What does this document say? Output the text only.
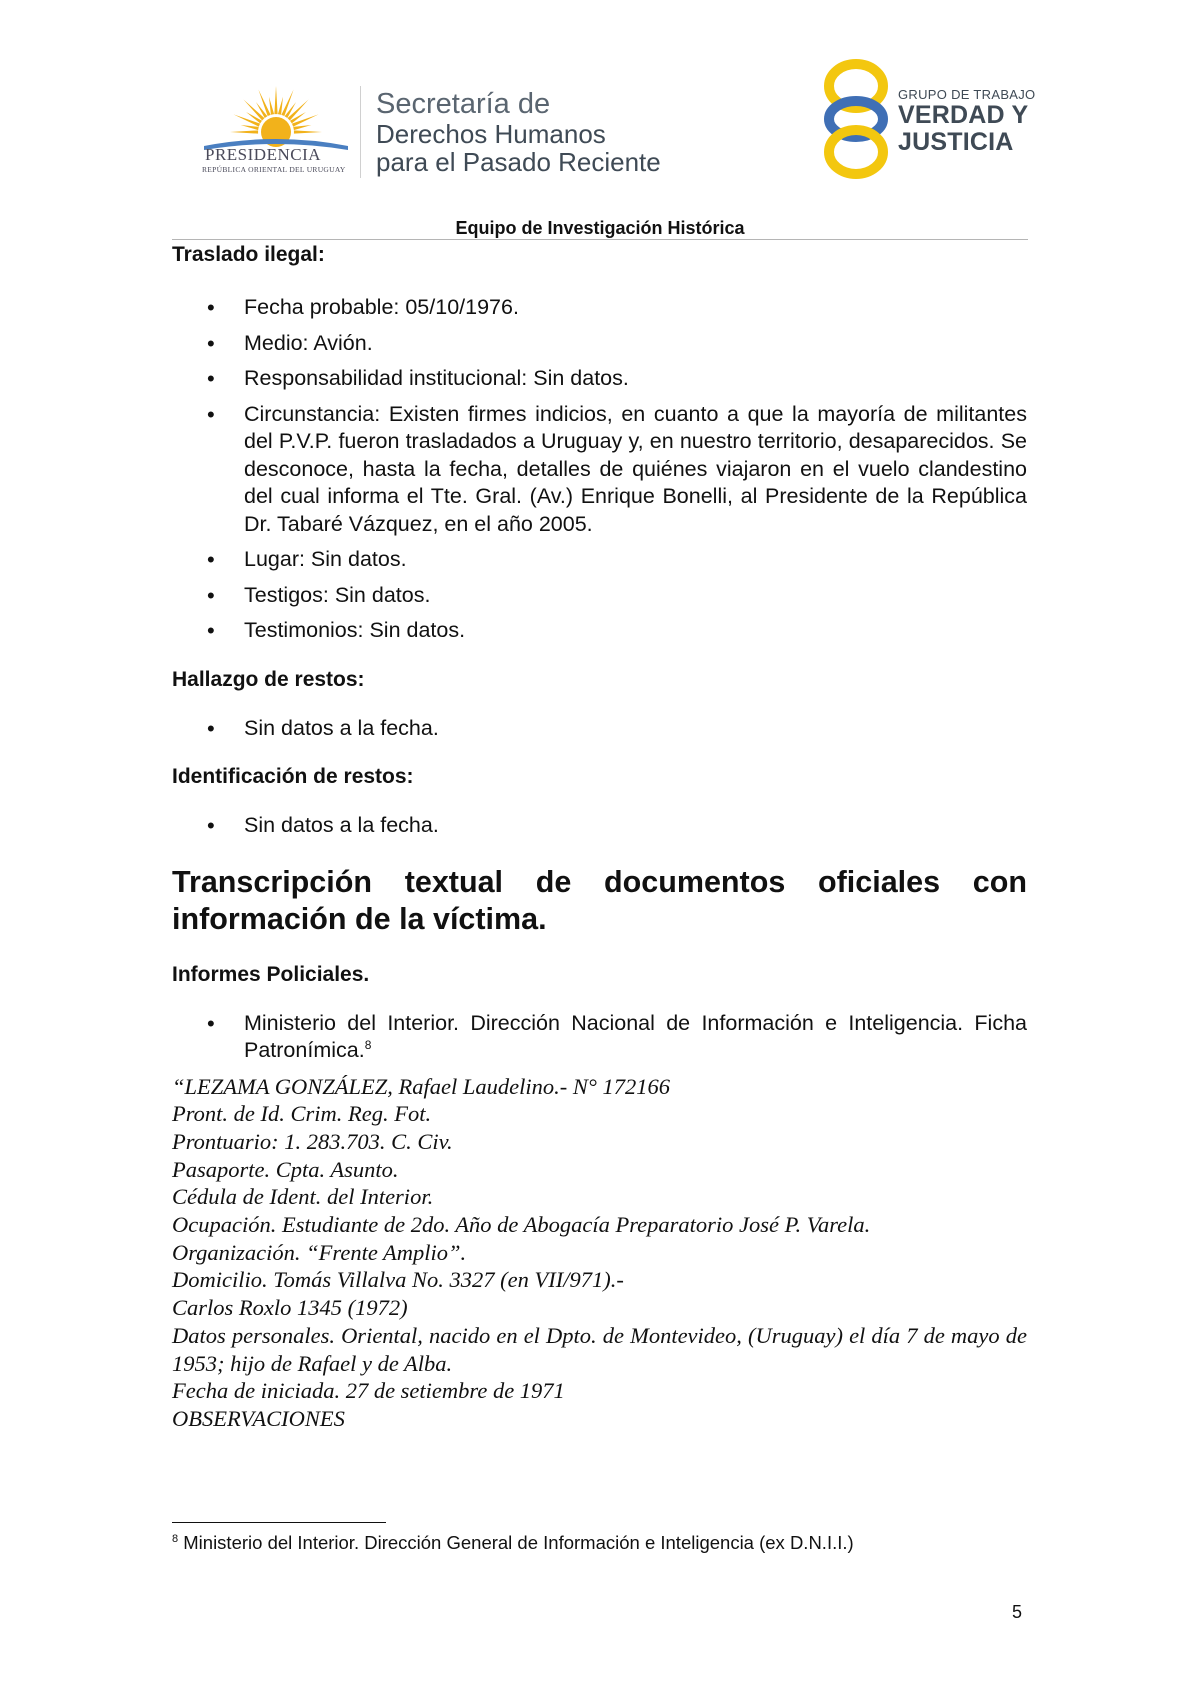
PRESIDENCIA
REPÚBLICA ORIENTAL DEL URUGUAY
Secretaría de
Derechos Humanos
para el Pasado Reciente
GRUPO DE TRABAJO
VERDAD Y
JUSTICIA
Equipo de Investigación Histórica
Traslado ilegal:
• Fecha probable: 05/10/1976.
• Medio: Avión.
• Responsabilidad institucional: Sin datos.
• Circunstancia: Existen firmes indicios, en cuanto a que la mayoría de militantes del P.V.P. fueron trasladados a Uruguay y, en nuestro territorio, desaparecidos. Se desconoce, hasta la fecha, detalles de quiénes viajaron en el vuelo clandestino del cual informa el Tte. Gral. (Av.) Enrique Bonelli, al Presidente de la República Dr. Tabaré Vázquez, en el año 2005.
• Lugar: Sin datos.
• Testigos: Sin datos.
• Testimonios: Sin datos.
Hallazgo de restos:
• Sin datos a la fecha.
Identificación de restos:
• Sin datos a la fecha.
Transcripción textual de documentos oficiales con información de la víctima.
Informes Policiales.
• Ministerio del Interior. Dirección Nacional de Información e Inteligencia. Ficha Patronímica.$^8$
“LEZAMA GONZÁLEZ, Rafael Laudelino.- N° 172166
Pront. de Id. Crim. Reg. Fot.
Prontuario: 1. 283.703. C. Civ.
Pasaporte. Cpta. Asunto.
Cédula de Ident. del Interior.
Ocupación. Estudiante de 2do. Año de Abogacía Preparatorio José P. Varela.
Organización. “Frente Amplio”.
Domicilio. Tomás Villalva No. 3327 (en VII/971).-
Carlos Roxlo 1345 (1972)
Datos personales. Oriental, nacido en el Dpto. de Montevideo, (Uruguay) el día 7 de mayo de 1953; hijo de Rafael y de Alba.
Fecha de iniciada. 27 de setiembre de 1971
OBSERVACIONES
$^8$ Ministerio del Interior. Dirección General de Información e Inteligencia (ex D.N.I.I.)
5
